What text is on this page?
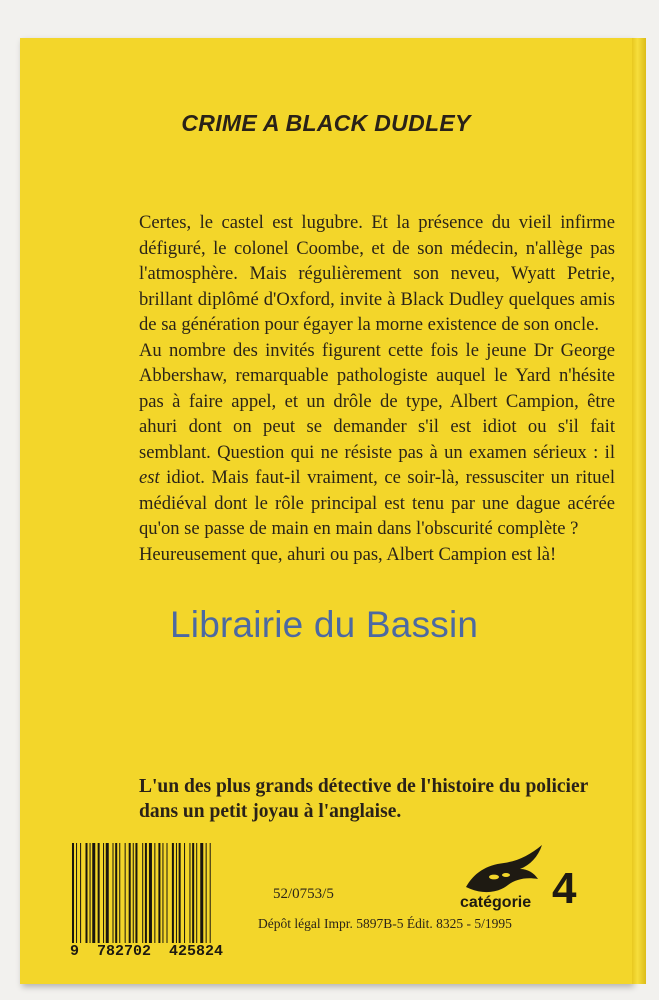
CRIME A BLACK DUDLEY

Certes, le castel est lugubre. Et la présence du vieil infirme défiguré, le colonel Coombe, et de son médecin, n'allège pas l'atmosphère. Mais régulièrement son neveu, Wyatt Petrie, brillant diplômé d'Oxford, invite à Black Dudley quelques amis de sa génération pour égayer la morne existence de son oncle.

Au nombre des invités figurent cette fois le jeune Dr George Abbershaw, remarquable pathologiste auquel le Yard n'hésite pas à faire appel, et un drôle de type, Albert Campion, être ahuri dont on peut se demander s'il est idiot ou s'il fait semblant. Question qui ne résiste pas à un examen sérieux : il est idiot. Mais faut-il vraiment, ce soir-là, ressusciter un rituel médiéval dont le rôle principal est tenu par une dague acérée qu'on se passe de main en main dans l'obscurité complète ?

Heureusement que, ahuri ou pas, Albert Campion est là!

L'un des plus grands détective de l'histoire du policier dans un petit joyau à l'anglaise.
9  782702  425824
52/0753/5
Dépôt légal Impr. 5897B-5 Édit. 8325 - 5/1995
catégorie 4
Librairie du Bassin
